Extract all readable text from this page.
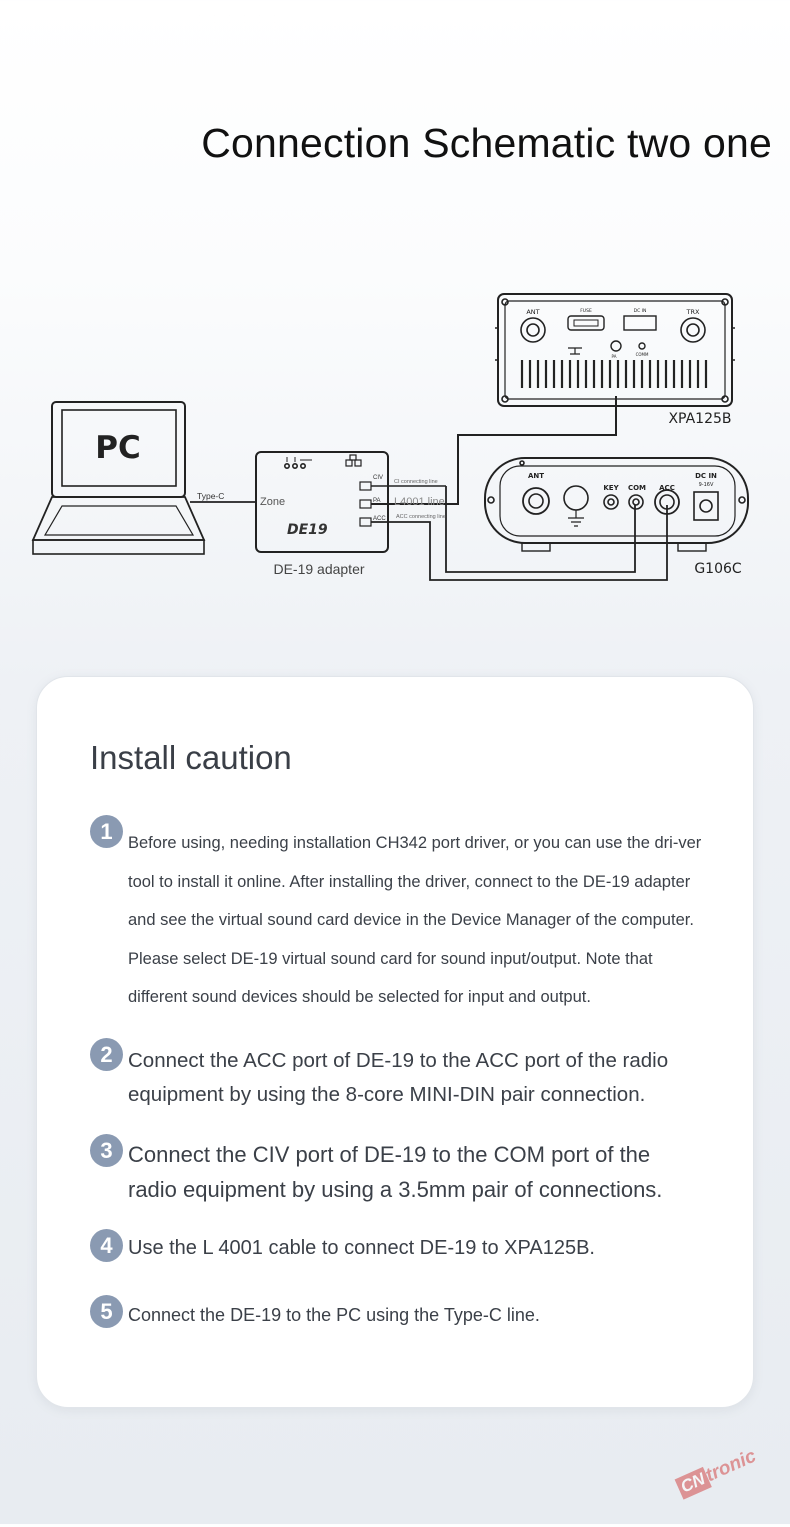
Connection Schematic two one
PC
Type-C	Zone
DE19
DE-19 adapter
CIV
PA
ACC
CI connecting line
L4001 line
ACC connecting line
XPA125B
ANT	FUSE	DC IN	TRX
PA	COMM
G106C
ANT
KEY COM ACC
DC IN
9-16V
Install caution
1 Before using, needing installation CH342 port driver, or you can use the dri-ver tool to install it online. After installing the driver, connect to the DE-19 adapter and see the virtual sound card device in the Device Manager of the computer. Please select DE-19 virtual sound card for sound input/output. Note that different sound devices should be selected for input and output.
2 Connect the ACC port of DE-19 to the ACC port of the radio equipment by using the 8-core MINI-DIN pair connection.
3 Connect the CIV port of DE-19 to the COM port of the radio equipment by using a 3.5mm pair of connections.
4 Use the L 4001 cable to connect DE-19 to XPA125B.
5 Connect the DE-19 to the PC using the Type-C line.
CNtronic
